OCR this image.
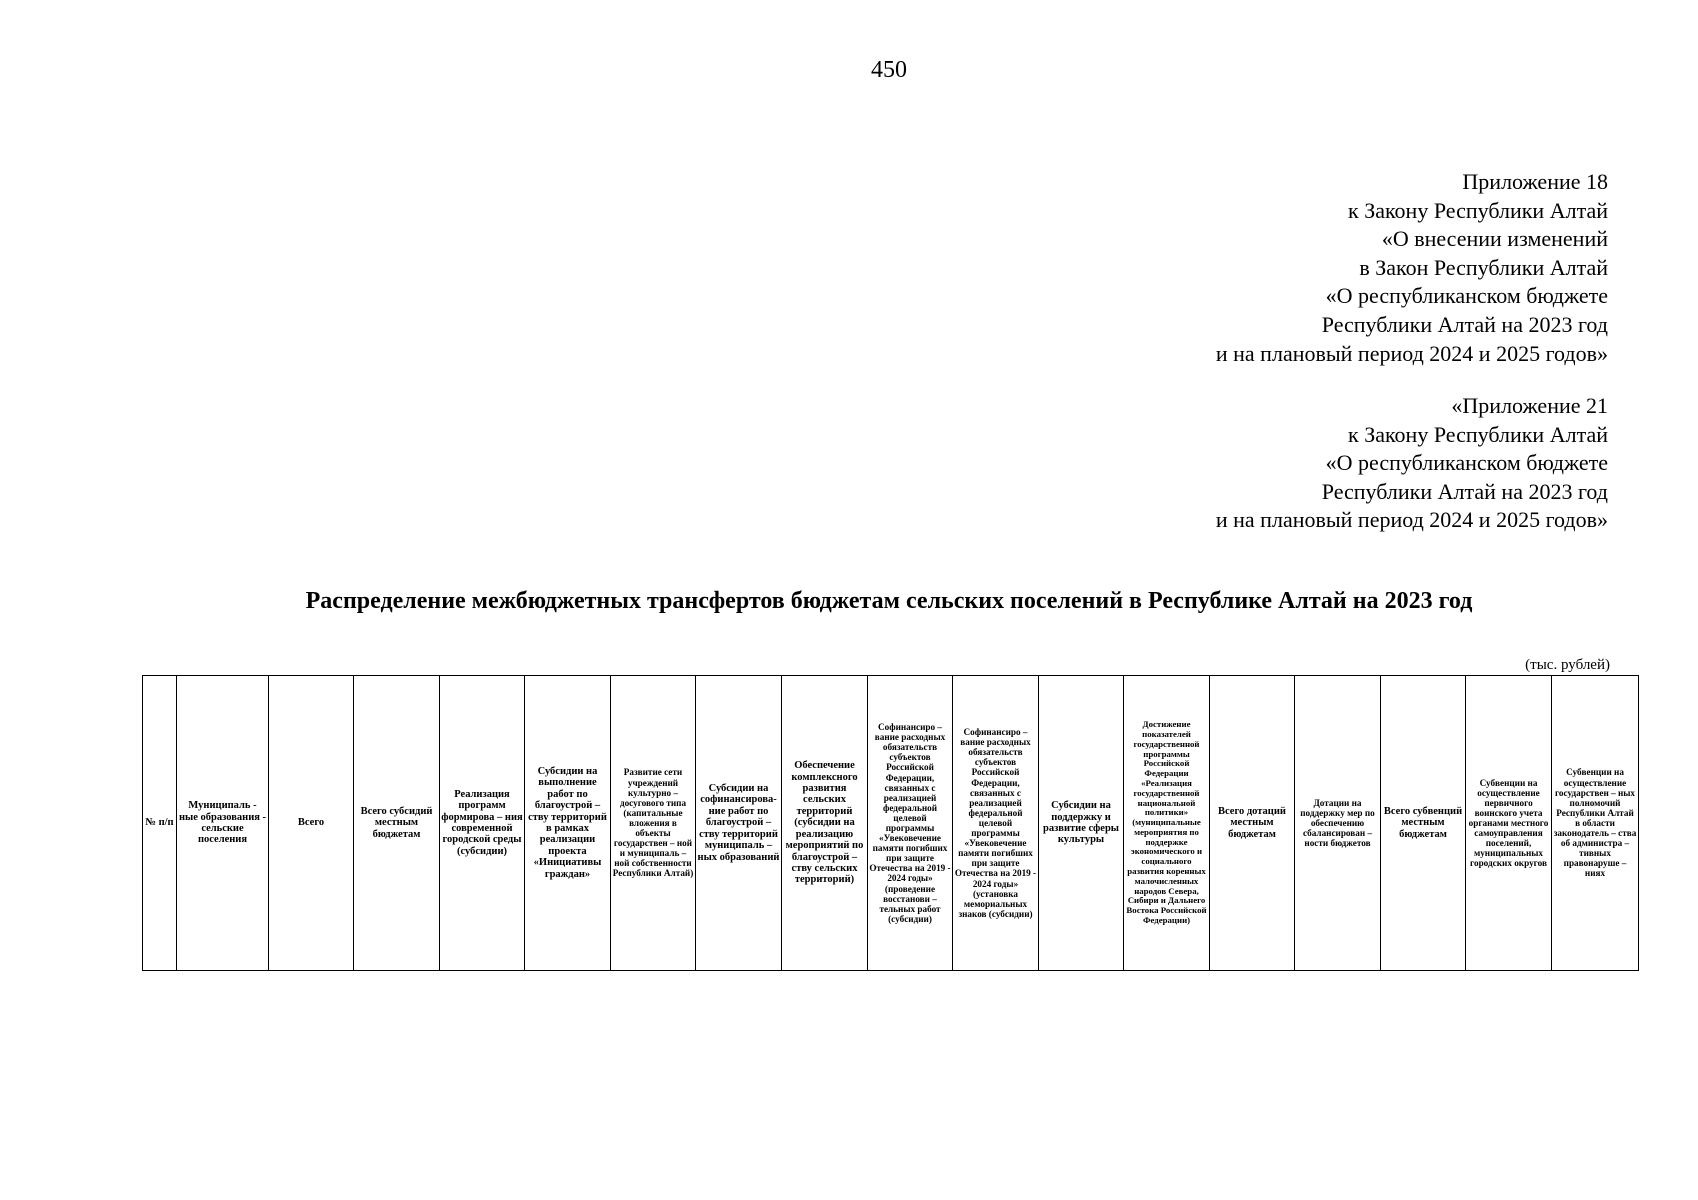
450
Приложение 18
к Закону Республики Алтай
«О внесении изменений
в Закон Республики Алтай
«О республиканском бюджете
Республики Алтай на 2023 год
и на плановый период 2024 и 2025 годов»
«Приложение 21
к Закону Республики Алтай
«О республиканском бюджете
Республики Алтай на 2023 год
и на плановый период 2024 и 2025 годов»
Распределение межбюджетных трансфертов бюджетам сельских поселений в Республике Алтай на 2023 год
(тыс. рублей)
№ п/п	Муниципаль - ные образования - сельские поселения	Всего	Всего субсидий местным бюджетам	Реализация программ формирова – ния современной городской среды (субсидии)	Субсидии на выполнение работ по благоустрой – ству территорий в рамках реализации проекта «Инициативы граждан»	Развитие сети учреждений культурно – досугового типа (капитальные вложения в объекты государствен – ной и муниципаль – ной собственности Республики Алтай)	Субсидии на софинансирова- ние работ по благоустрой – ству территорий муниципаль – ных образований	Обеспечение комплексного развития сельских территорий (субсидии на реализацию мероприятий по благоустрой – ству сельских территорий)	Софинансиро – вание расходных обязательств субъектов Российской Федерации, связанных с реализацией федеральной целевой программы «Увековечение памяти погибших при защите Отечества на 2019 - 2024 годы» (проведение восстанови – тельных работ (субсидии)	Софинансиро – вание расходных обязательств субъектов Российской Федерации, связанных с реализацией федеральной целевой программы «Увековечение памяти погибших при защите Отечества на 2019 - 2024 годы» (установка мемориальных знаков (субсидии)	Субсидии на поддержку и развитие сферы культуры	Достижение показателей государственной программы Российской Федерации «Реализация государственной национальной политики» (муниципальные мероприятия по поддержке экономического и социального развития коренных малочисленных народов Севера, Сибири и Дальнего Востока Российской Федерации)	Всего дотаций местным бюджетам	Дотации на поддержку мер по обеспечению сбалансирован – ности бюджетов	Всего субвенций местным бюджетам	Субвенции на осуществление первичного воинского учета органами местного самоуправления поселений, муниципальных городских округов	Субвенции на осуществление государствен – ных полномочий Республики Алтай в области законодатель – ства об администра – тивных правонаруше – ниях
